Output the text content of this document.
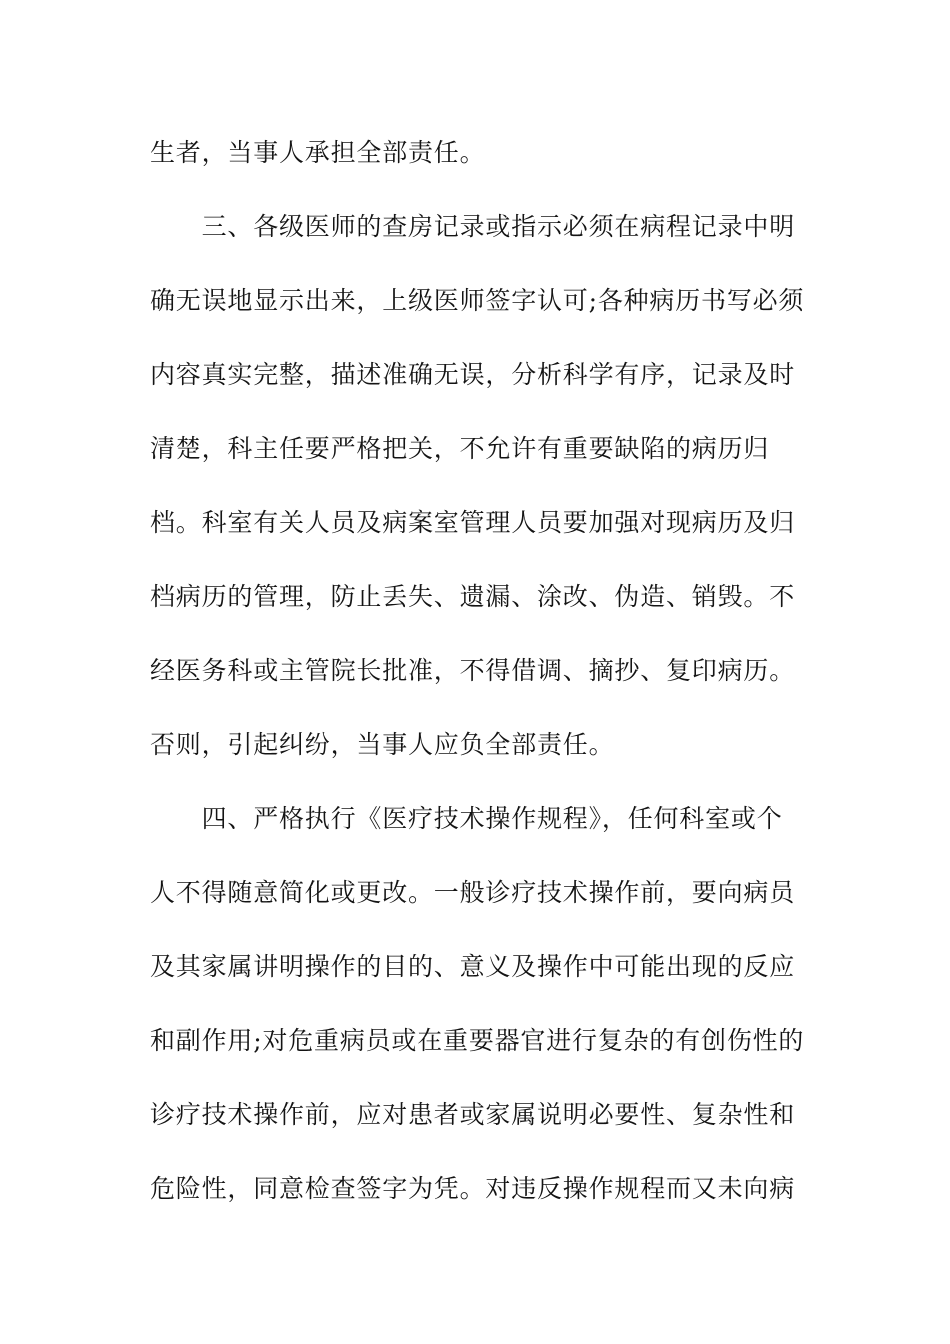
生者，当事人承担全部责任。
　　三、各级医师的查房记录或指示必须在病程记录中明
确无误地显示出来，上级医师签字认可;各种病历书写必须
内容真实完整，描述准确无误，分析科学有序，记录及时
清楚，科主任要严格把关，不允许有重要缺陷的病历归
档。科室有关人员及病案室管理人员要加强对现病历及归
档病历的管理，防止丢失、遗漏、涂改、伪造、销毁。不
经医务科或主管院长批准，不得借调、摘抄、复印病历。
否则，引起纠纷，当事人应负全部责任。
　　四、严格执行《医疗技术操作规程》，任何科室或个
人不得随意简化或更改。一般诊疗技术操作前，要向病员
及其家属讲明操作的目的、意义及操作中可能出现的反应
和副作用;对危重病员或在重要器官进行复杂的有创伤性的
诊疗技术操作前，应对患者或家属说明必要性、复杂性和
危险性，同意检查签字为凭。对违反操作规程而又未向病
